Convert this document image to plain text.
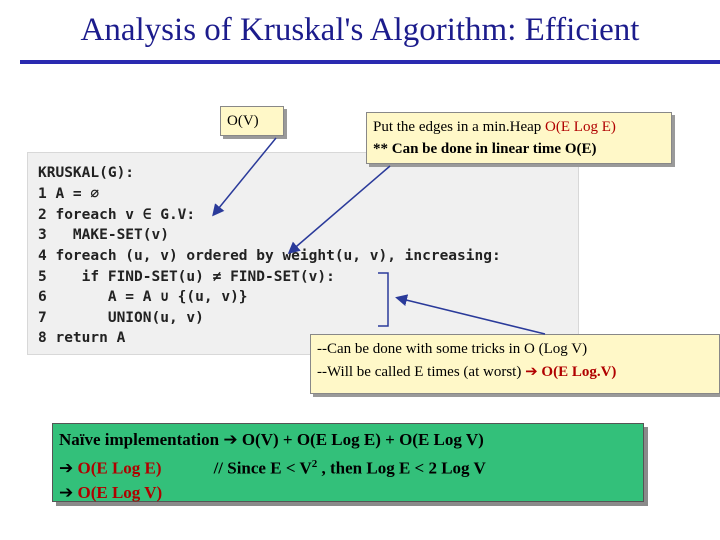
Analysis of Kruskal's Algorithm: Efficient
KRUSKAL(G):
1 A = ∅
2 foreach v ∈ G.V:
3   MAKE-SET(v)
4 foreach (u, v) ordered by weight(u, v), increasing:
5    if FIND-SET(u) ≠ FIND-SET(v):
6       A = A ∪ {(u, v)}
7       UNION(u, v)
8 return A
O(V)	Put the edges in a min.Heap O(E Log E)
** Can be done in linear time O(E)
--Can be done with some tricks in O (Log V)
--Will be called E times (at worst) ➔ O(E Log.V)
Naïve implementation ➔ O(V) + O(E Log E) + O(E Log V)
➔ O(E Log E)	// Since $E < V^2$ , then Log E < 2 Log V
➔ O(E Log V)
